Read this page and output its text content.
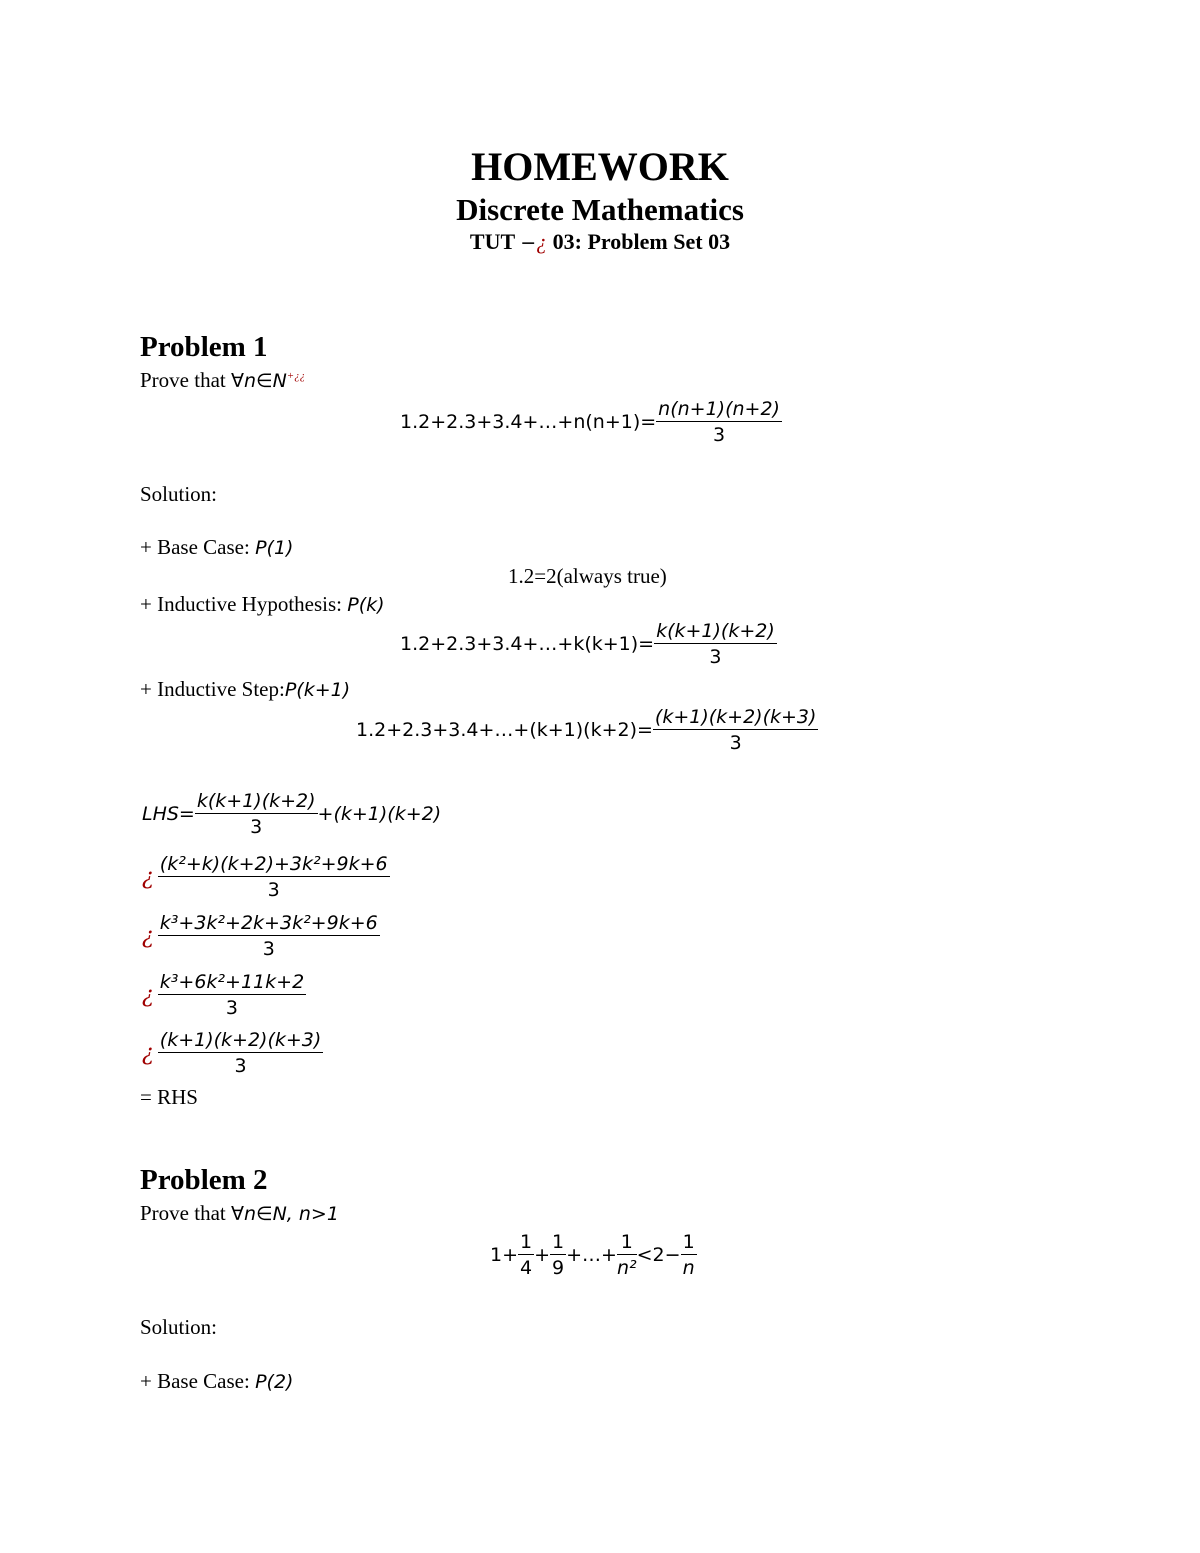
HOMEWORK
Discrete Mathematics
TUT −¿ 03: Problem Set 03
Problem 1
Prove that ∀n∈N+¿¿
1.2+2.3+3.4+…+n(n+1)= $\frac{n(n+1)(n+2)}{3}$
Solution:
+ Base Case: P(1)
1.2=2(always true)
+ Inductive Hypothesis: P(k)
1.2+2.3+3.4+…+k(k+1)= $\frac{k(k+1)(k+2)}{3}$
+ Inductive Step:P(k+1)
1.2+2.3+3.4+…+(k+1)(k+2)= $\frac{(k+1)(k+2)(k+3)}{3}$
$LHS= \frac{k(k+1)(k+2)}{3} +(k+1)(k+2)$
¿ $\frac{\text{(k²+k)(k+2)+3k²+9k+6}}{3}$
¿ $\frac{\text{k³+3k²+2k+3k²+9k+6}}{3}$
¿ $\frac{\text{k³+6k²+11k+2}}{3}$
¿ $\frac{(k+1)(k+2)(k+3)}{3}$
= RHS
Problem 2
Prove that ∀n∈N, n>1
$1+ \frac{1}{4} + \frac{1}{9}$ +…+ $\frac{1}{\text{n²}} <2- \frac{1}{n}$
Solution:
+ Base Case: P(2)
